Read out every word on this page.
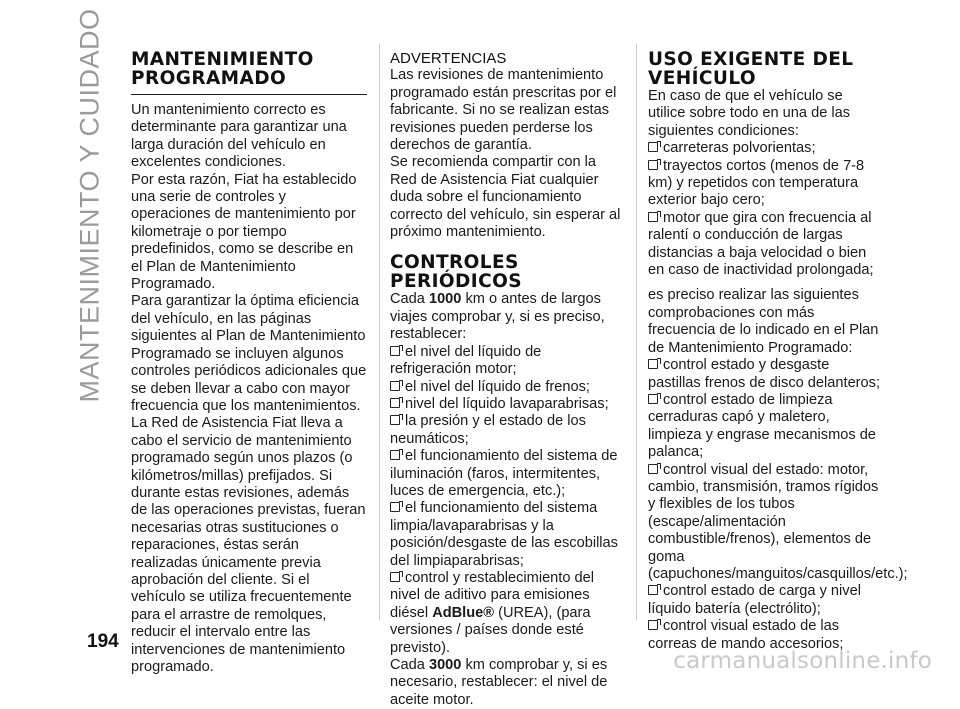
MANTENIMIENTO Y CUIDADO MANTENIMIENTO
PROGRAMADO

Un mantenimiento correcto es determinante para garantizar una larga duración del vehículo en excelentes condiciones.

Por esta razón, Fiat ha establecido una serie de controles y operaciones de mantenimiento por kilometraje o por tiempo predefinidos, como se describe en el Plan de Mantenimiento Programado.

Para garantizar la óptima eficiencia del vehículo, en las páginas siguientes al Plan de Mantenimiento Programado se incluyen algunos controles periódicos adicionales que se deben llevar a cabo con mayor frecuencia que los mantenimientos.

La Red de Asistencia Fiat lleva a cabo el servicio de mantenimiento programado según unos plazos (o kilómetros/millas) prefijados. Si durante estas revisiones, además de las operaciones previstas, fueran necesarias otras sustituciones o reparaciones, éstas serán realizadas únicamente previa aprobación del cliente. Si el vehículo se utiliza frecuentemente para el arrastre de remolques, reducir el intervalo entre las intervenciones de mantenimiento programado.

ADVERTENCIAS

Las revisiones de mantenimiento programado están prescritas por el fabricante. Si no se realizan estas revisiones pueden perderse los derechos de garantía.

Se recomienda compartir con la Red de Asistencia Fiat cualquier duda sobre el funcionamiento correcto del vehículo, sin esperar al próximo mantenimiento.

CONTROLES
PERIÓDICOS

Cada 1000 km o antes de largos viajes comprobar y, si es preciso, restablecer:

el nivel del líquido de refrigeración motor;
el nivel del líquido de frenos;
nivel del líquido lavaparabrisas;
la presión y el estado de los neumáticos;
el funcionamiento del sistema de iluminación (faros, intermitentes, luces de emergencia, etc.);
el funcionamiento del sistema limpia/lavaparabrisas y la posición/desgaste de las escobillas del limpiaparabrisas;
control y restablecimiento del nivel de aditivo para emisiones diésel AdBlue® (UREA), (para versiones / países donde esté previsto).

Cada 3000 km comprobar y, si es necesario, restablecer: el nivel de aceite motor.

USO EXIGENTE DEL
VEHÍCULO

En caso de que el vehículo se utilice sobre todo en una de las siguientes condiciones:

carreteras polvorientas;
trayectos cortos (menos de 7-8 km) y repetidos con temperatura exterior bajo cero;
motor que gira con frecuencia al ralentí o conducción de largas distancias a baja velocidad o bien en caso de inactividad prolongada;

es preciso realizar las siguientes comprobaciones con más frecuencia de lo indicado en el Plan de Mantenimiento Programado:

control estado y desgaste pastillas frenos de disco delanteros;
control estado de limpieza cerraduras capó y maletero, limpieza y engrase mecanismos de palanca;
control visual del estado: motor, cambio, transmisión, tramos rígidos y flexibles de los tubos (escape/alimentación combustible/frenos), elementos de goma (capuchones/manguitos/casquillos/etc.);
control estado de carga y nivel líquido batería (electrólito);
control visual estado de las correas de mando accesorios;
194
carmanualsonline.info
